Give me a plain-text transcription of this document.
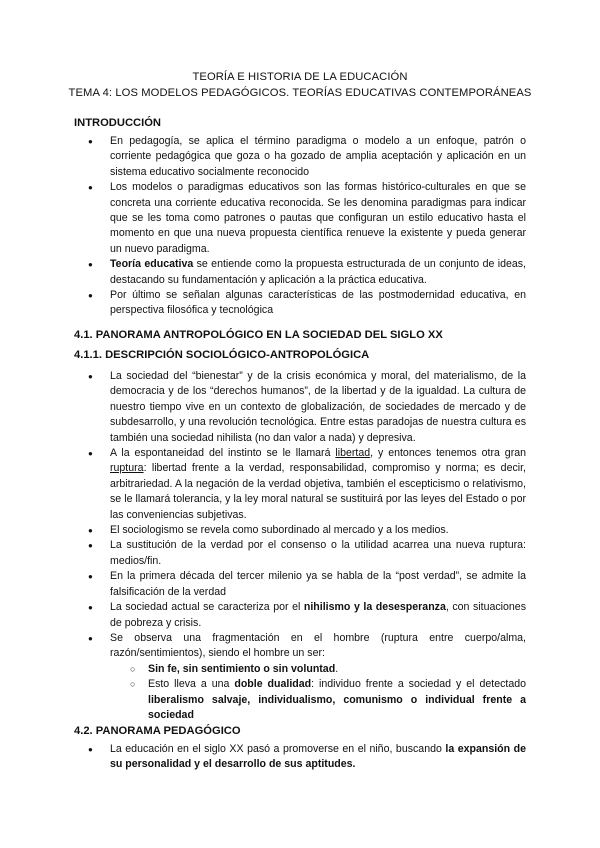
TEORÍA E HISTORIA DE LA EDUCACIÓN
TEMA 4: LOS MODELOS PEDAGÓGICOS. TEORÍAS EDUCATIVAS CONTEMPORÁNEAS
INTRODUCCIÓN
● En pedagogía, se aplica el término paradigma o modelo a un enfoque, patrón o corriente pedagógica que goza o ha gozado de amplia aceptación y aplicación en un sistema educativo socialmente reconocido
● Los modelos o paradigmas educativos son las formas histórico-culturales en que se concreta una corriente educativa reconocida. Se les denomina paradigmas para indicar que se les toma como patrones o pautas que configuran un estilo educativo hasta el momento en que una nueva propuesta científica renueve la existente y pueda generar un nuevo paradigma.
● Teoría educativa se entiende como la propuesta estructurada de un conjunto de ideas, destacando su fundamentación y aplicación a la práctica educativa.
● Por último se señalan algunas características de las postmodernidad educativa, en perspectiva filosófica y tecnológica
4.1. PANORAMA ANTROPOLÓGICO EN LA SOCIEDAD DEL SIGLO XX
4.1.1. DESCRIPCIÓN SOCIOLÓGICO-ANTROPOLÓGICA
● La sociedad del “bienestar” y de la crisis económica y moral, del materialismo, de la democracia y de los “derechos humanos”, de la libertad y de la igualdad. La cultura de nuestro tiempo vive en un contexto de globalización, de sociedades de mercado y de subdesarrollo, y una revolución tecnológica. Entre estas paradojas de nuestra cultura es también una sociedad nihilista (no dan valor a nada) y depresiva.
● A la espontaneidad del instinto se le llamará libertad, y entonces tenemos otra gran ruptura: libertad frente a la verdad, responsabilidad, compromiso y norma; es decir, arbitrariedad. A la negación de la verdad objetiva, también el escepticismo o relativismo, se le llamará tolerancia, y la ley moral natural se sustituirá por las leyes del Estado o por las conveniencias subjetivas.
● El sociologismo se revela como subordinado al mercado y a los medios.
● La sustitución de la verdad por el consenso o la utilidad acarrea una nueva ruptura: medios/fin.
● En la primera década del tercer milenio ya se habla de la “post verdad”, se admite la falsificación de la verdad
● La sociedad actual se caracteriza por el nihilismo y la desesperanza, con situaciones de pobreza y crisis.
● Se observa una fragmentación en el hombre (ruptura entre cuerpo/alma, razón/sentimientos), siendo el hombre un ser:
○ Sin fe, sin sentimiento o sin voluntad.
○ Esto lleva a una doble dualidad: individuo frente a sociedad y el detectado liberalismo salvaje, individualismo, comunismo o individual frente a sociedad
4.2. PANORAMA PEDAGÓGICO
● La educación en el siglo XX pasó a promoverse en el niño, buscando la expansión de su personalidad y el desarrollo de sus aptitudes.
